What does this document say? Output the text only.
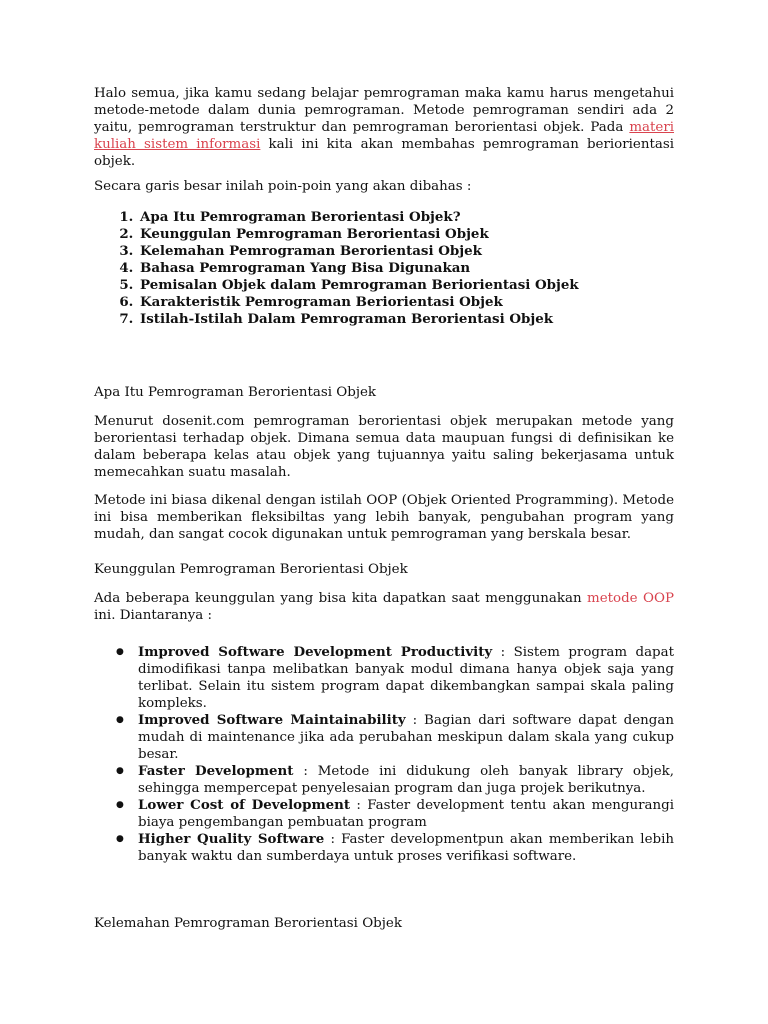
Halo semua, jika kamu sedang belajar pemrograman maka kamu harus mengetahui metode-metode dalam dunia pemrograman. Metode pemrograman sendiri ada 2 yaitu, pemrograman terstruktur dan pemrograman berorientasi objek. Pada materi kuliah sistem informasi kali ini kita akan membahas pemrograman beriorientasi objek.

Secara garis besar inilah poin-poin yang akan dibahas :

1. Apa Itu Pemrograman Berorientasi Objek?
2. Keunggulan Pemrograman Berorientasi Objek
3. Kelemahan Pemrograman Berorientasi Objek
4. Bahasa Pemrograman Yang Bisa Digunakan
5. Pemisalan Objek dalam Pemrograman Beriorientasi Objek
6. Karakteristik Pemrograman Beriorientasi Objek
7. Istilah-Istilah Dalam Pemrograman Berorientasi Objek

Apa Itu Pemrograman Berorientasi Objek

Menurut dosenit.com pemrograman berorientasi objek merupakan metode yang berorientasi terhadap objek. Dimana semua data maupuan fungsi di definisikan ke dalam beberapa kelas atau objek yang tujuannya yaitu saling bekerjasama untuk memecahkan suatu masalah.

Metode ini biasa dikenal dengan istilah OOP (Objek Oriented Programming). Metode ini bisa memberikan fleksibiltas yang lebih banyak, pengubahan program yang mudah, dan sangat cocok digunakan untuk pemrograman yang berskala besar.

Keunggulan Pemrograman Berorientasi Objek

Ada beberapa keunggulan yang bisa kita dapatkan saat menggunakan metode OOP ini. Diantaranya :

● Improved Software Development Productivity : Sistem program dapat dimodifikasi tanpa melibatkan banyak modul dimana hanya objek saja yang terlibat. Selain itu sistem program dapat dikembangkan sampai skala paling kompleks.
● Improved Software Maintainability : Bagian dari software dapat dengan mudah di maintenance jika ada perubahan meskipun dalam skala yang cukup besar.
● Faster Development : Metode ini didukung oleh banyak library objek, sehingga mempercepat penyelesaian program dan juga projek berikutnya.
● Lower Cost of Development : Faster development tentu akan mengurangi biaya pengembangan pembuatan program
● Higher Quality Software : Faster developmentpun akan memberikan lebih banyak waktu dan sumberdaya untuk proses verifikasi software.

Kelemahan Pemrograman Berorientasi Objek
